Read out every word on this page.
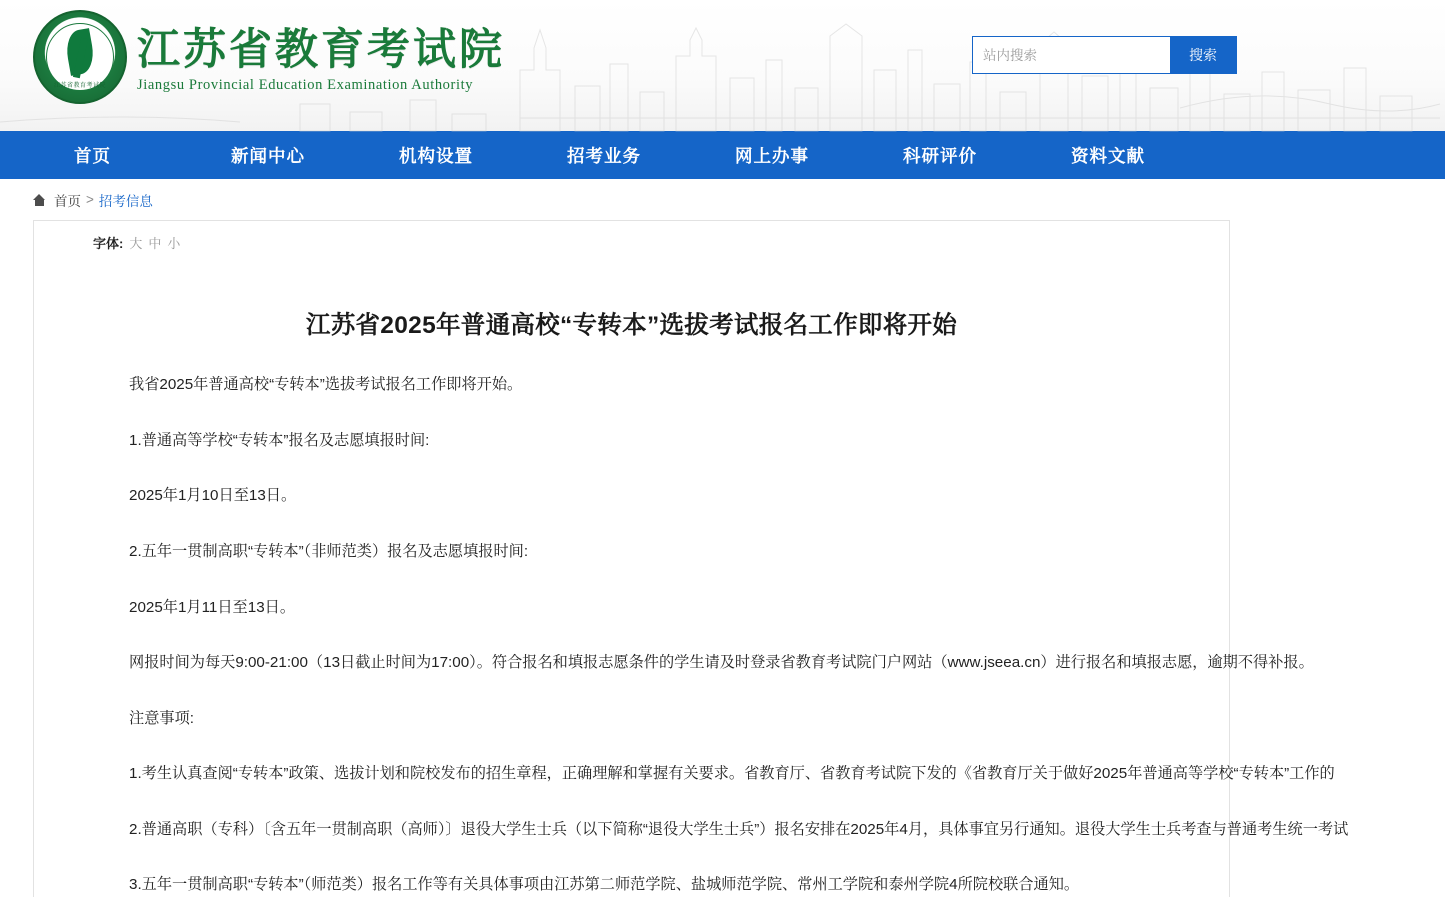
江苏省教育考试院
江苏省教育考试院
Jiangsu Provincial Education Examination Authority
站内搜索
搜索
首页	新闻中心	机构设置	招考业务	网上办事	科研评价	资料文献
首页 > 招考信息
字体: 大 中 小
江苏省2025年普通高校“专转本”选拔考试报名工作即将开始

我省2025年普通高校“专转本”选拔考试报名工作即将开始。

1.普通高等学校“专转本”报名及志愿填报时间:

2025年1月10日至13日。

2.五年一贯制高职“专转本”（非师范类）报名及志愿填报时间:

2025年1月11日至13日。

网报时间为每天9:00-21:00（13日截止时间为17:00）。符合报名和填报志愿条件的学生请及时登录省教育考试院门户网站（www.jseea.cn）进行报名和填报志愿，逾期不得补报。

注意事项:

1.考生认真查阅“专转本”政策、选拔计划和院校发布的招生章程，正确理解和掌握有关要求。省教育厅、省教育考试院下发的《省教育厅关于做好2025年普通高等学校“专转本”工作的

2.普通高职（专科）〔含五年一贯制高职（高师）〕退役大学生士兵（以下简称“退役大学生士兵”）报名安排在2025年4月，具体事宜另行通知。退役大学生士兵考查与普通考生统一考试

3.五年一贯制高职“专转本”（师范类）报名工作等有关具体事项由江苏第二师范学院、盐城师范学院、常州工学院和泰州学院4所院校联合通知。
